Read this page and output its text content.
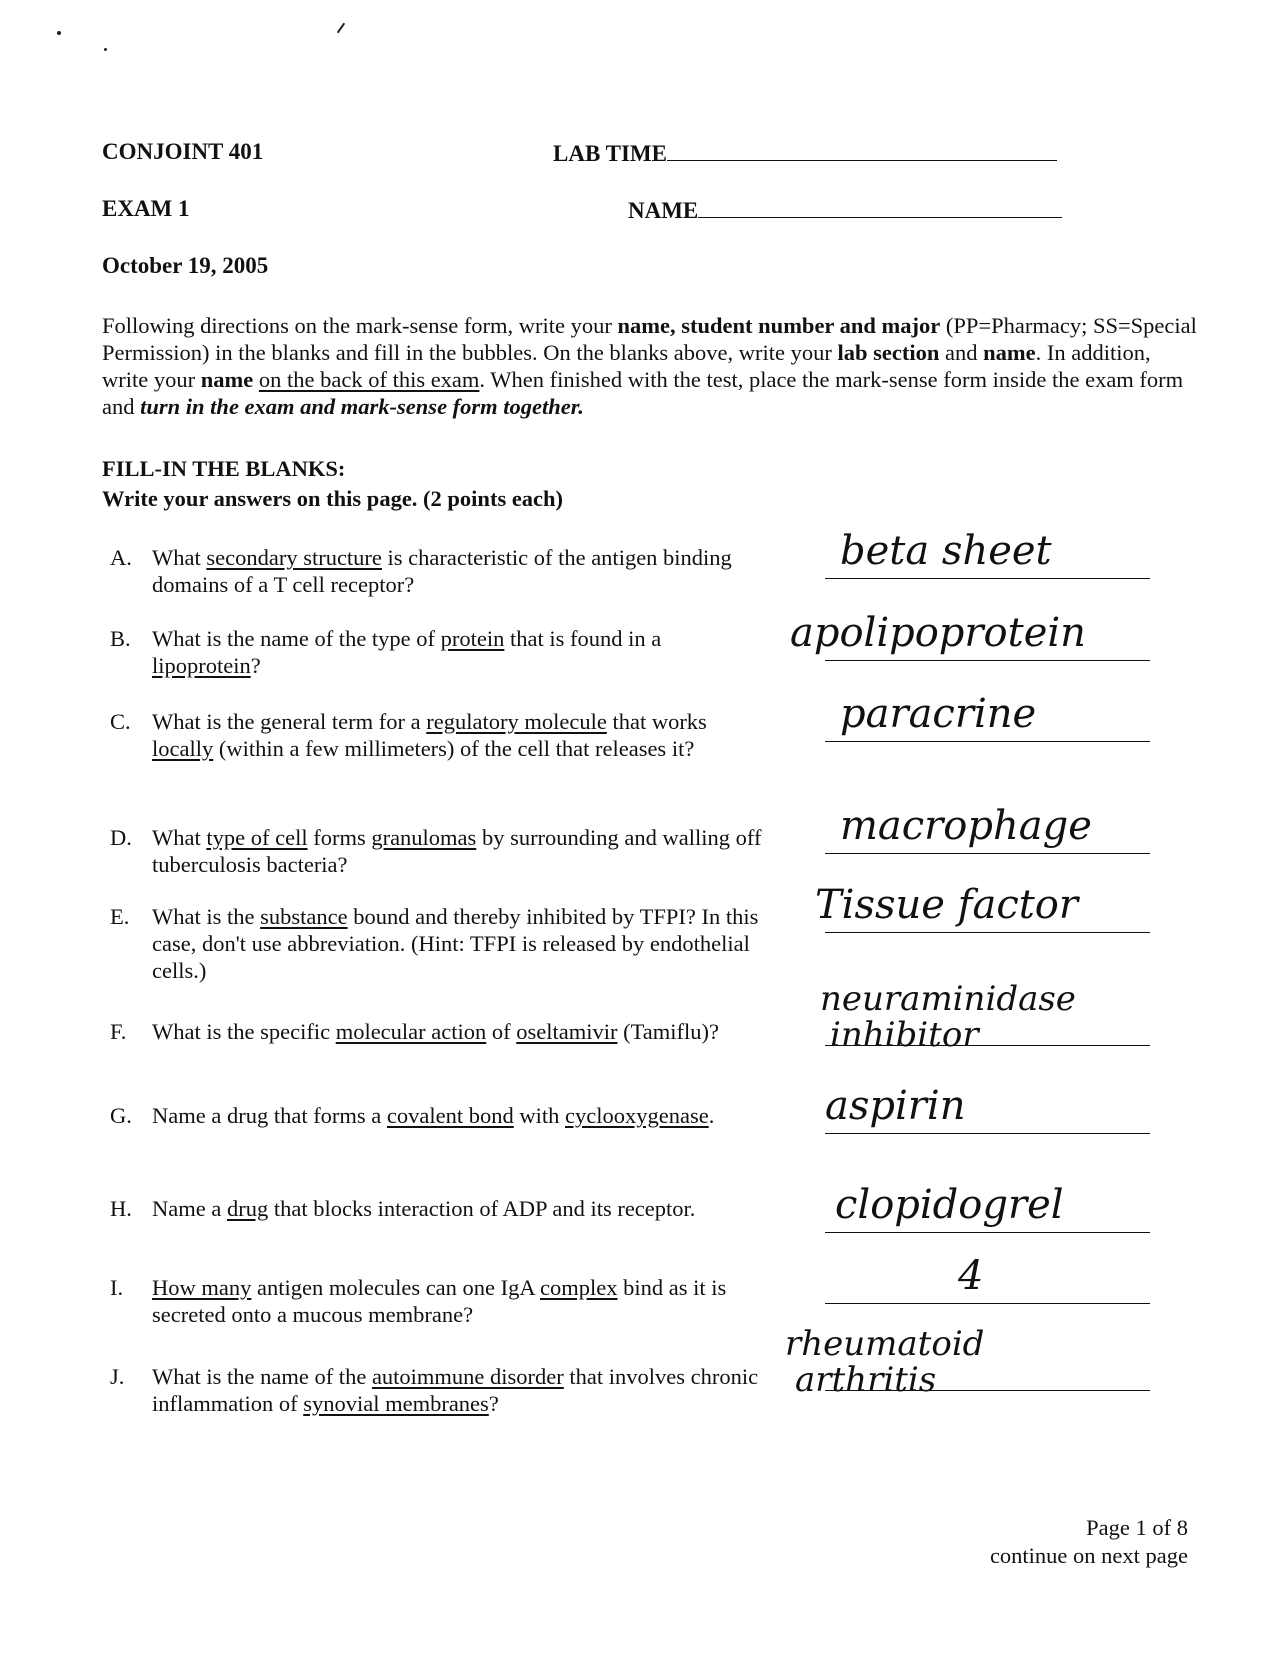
CONJOINT 401
EXAM 1
October 19, 2005
LAB TIME
NAME
Following directions on the mark-sense form, write your name, student number and major (PP=Pharmacy; SS=Special Permission) in the blanks and fill in the bubbles. On the blanks above, write your lab section and name. In addition, write your name on the back of this exam. When finished with the test, place the mark-sense form inside the exam form and turn in the exam and mark-sense form together.
FILL-IN THE BLANKS:
Write your answers on this page. (2 points each)
A. What secondary structure is characteristic of the antigen binding domains of a T cell receptor?
beta sheet
B. What is the name of the type of protein that is found in a lipoprotein?
apolipoprotein
C. What is the general term for a regulatory molecule that works locally (within a few millimeters) of the cell that releases it?
paracrine
D. What type of cell forms granulomas by surrounding and walling off tuberculosis bacteria?
macrophage
E.	What is the substance bound and thereby inhibited by TFPI? In this case, don't use abbreviation. (Hint: TFPI is released by endothelial cells.)
Tissue factor
F.	What is the specific molecular action of oseltamivir (Tamiflu)?
neuraminidase
inhibitor
G. Name a drug that forms a covalent bond with cyclooxygenase.	aspirin
H. Name a drug that blocks interaction of ADP and its receptor.	clopidogrel
I.	How many antigen molecules can one IgA complex bind as it is secreted onto a mucous membrane?
4
J.	What is the name of the autoimmune disorder that involves chronic inflammation of synovial membranes?
rheumatoid
arthritis
Page 1 of 8
continue on next page
